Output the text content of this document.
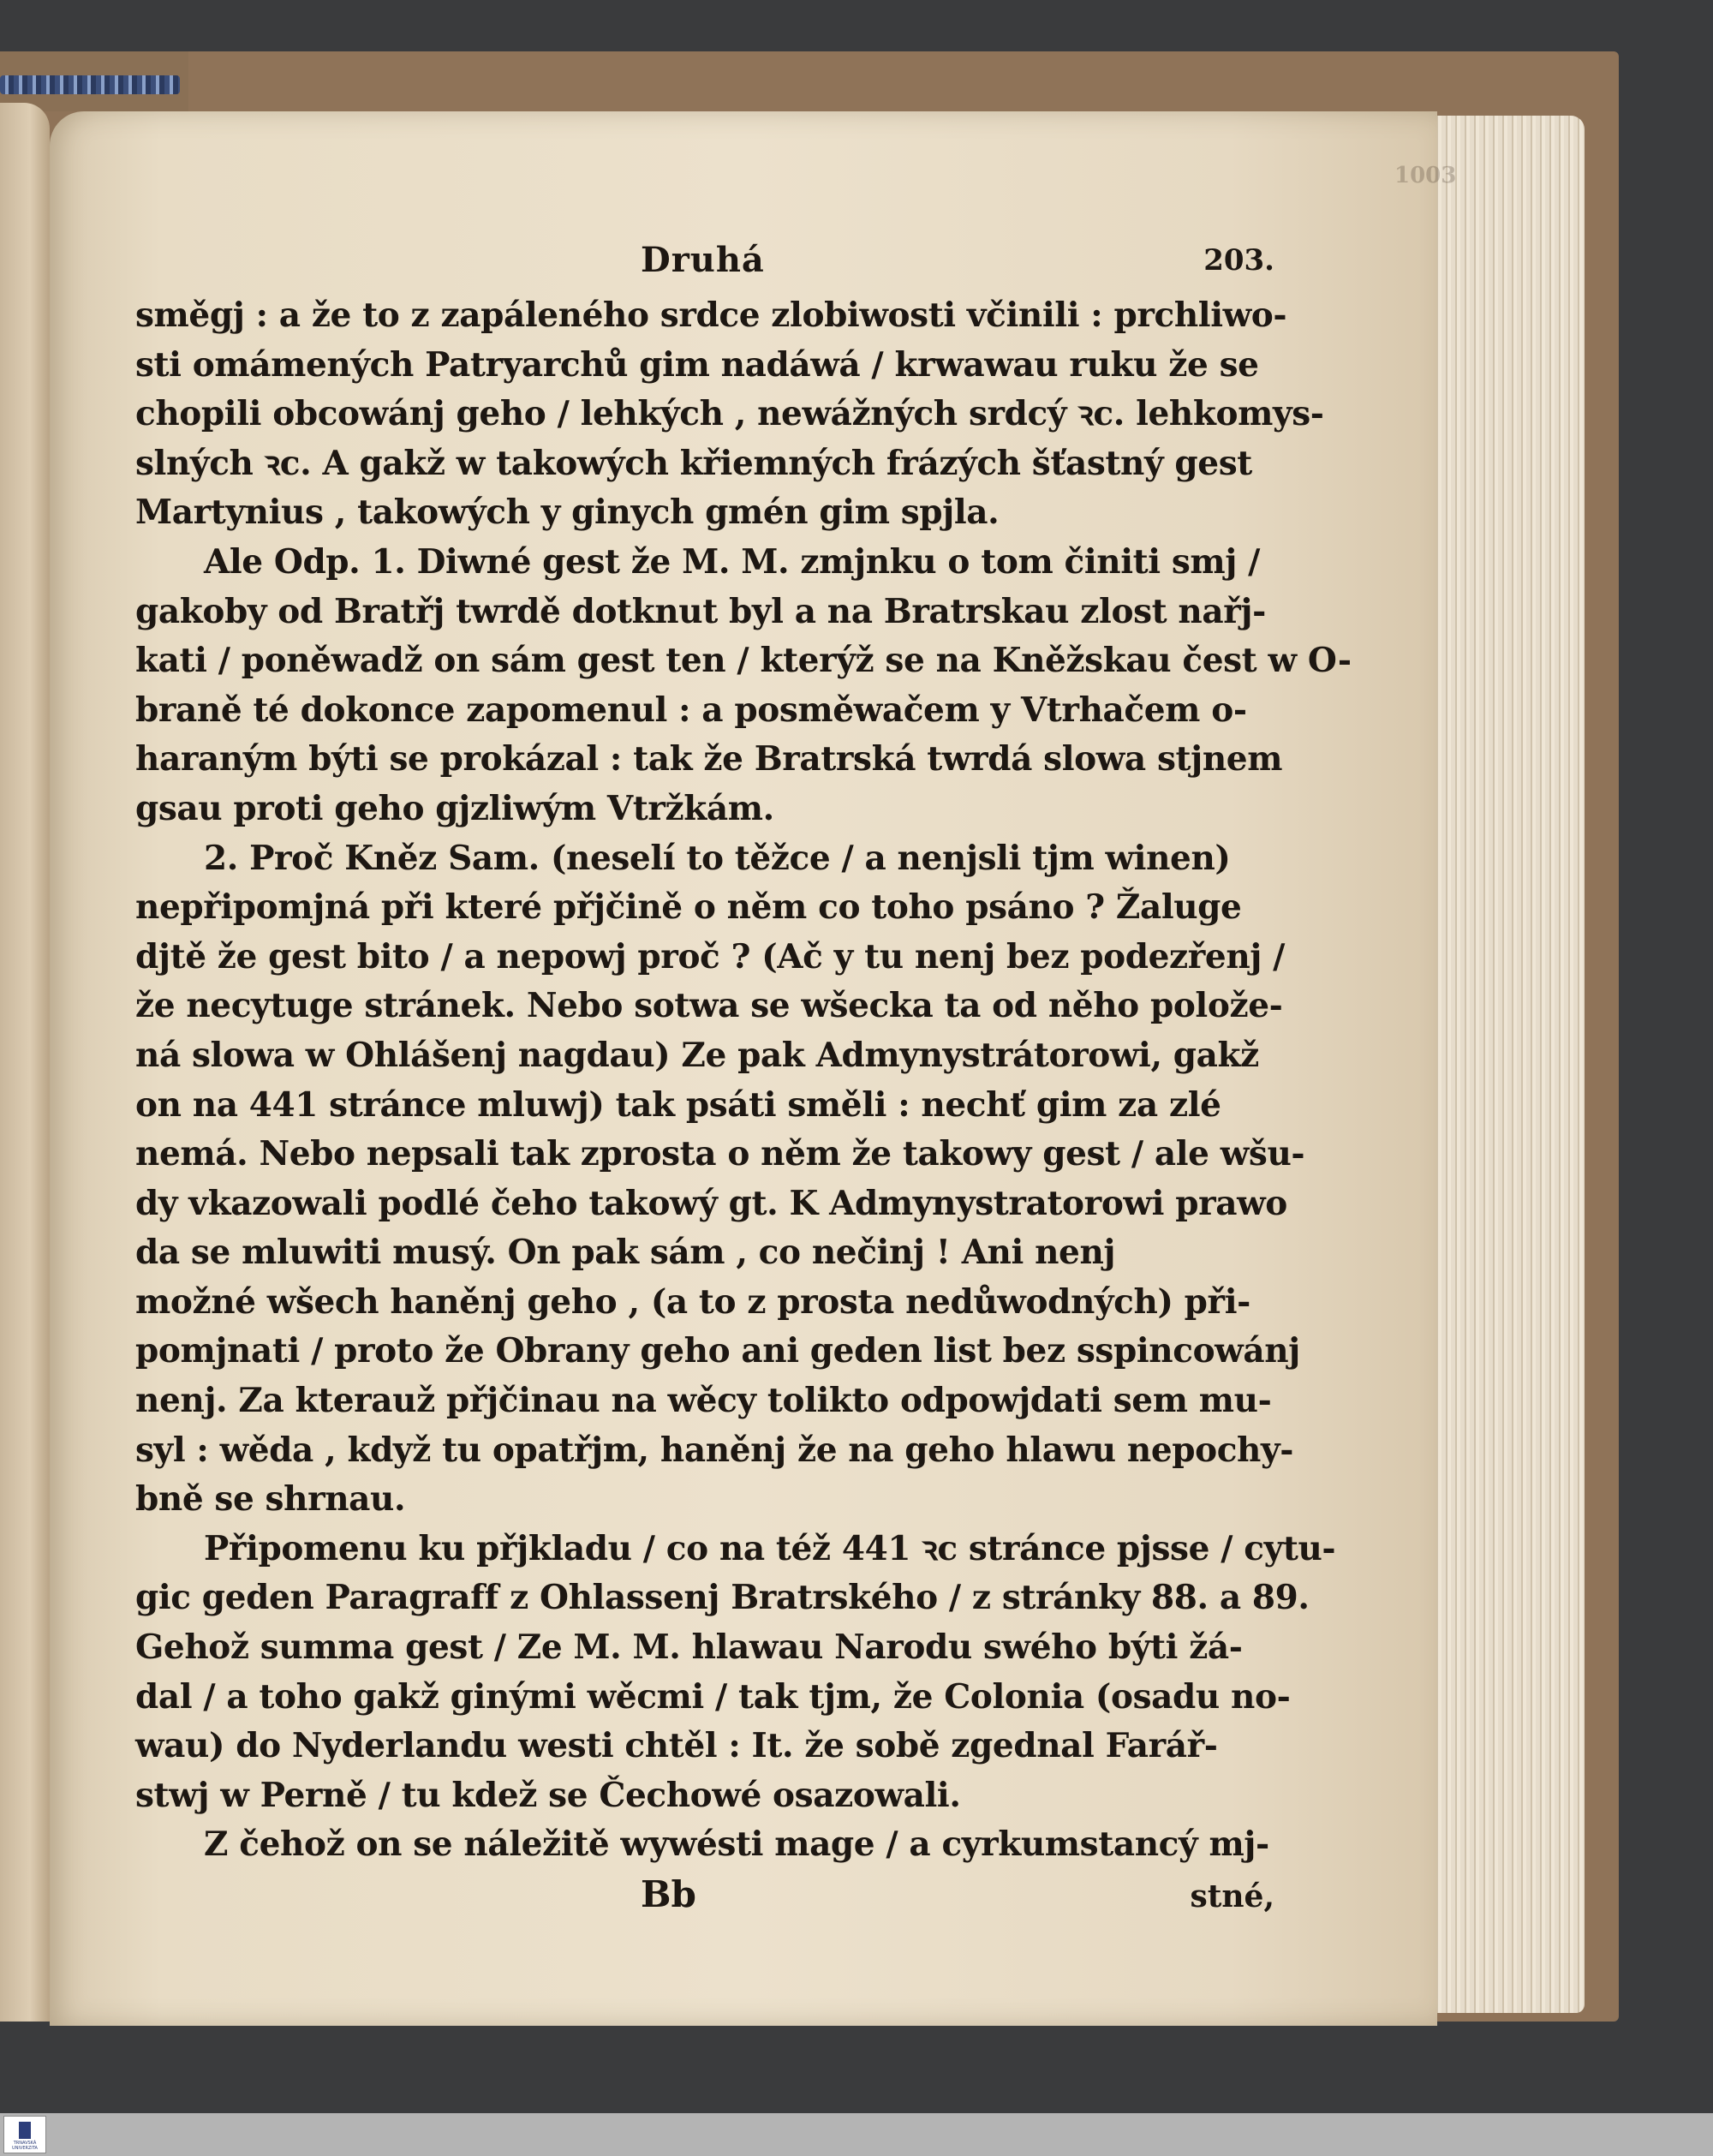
1003
Druhá	203.
směgj : a že to z zapáleného srdce zlobiwosti včinili : prchliwo-
sti omámených Patryarchů gim nadáwá / krwawau ruku že se
chopili obcowánj geho / lehkých , newážných srdcý ꝛc. lehkomys-
slných ꝛc. A gakž w takowých křiemných frázých šťastný gest
Martynius , takowých y ginych gmén gim spjla.
Ale Odp. 1. Diwné gest že M. M. zmjnku o tom činiti smj /
gakoby od Bratřj twrdě dotknut byl a na Bratrskau zlost nařj-
kati / poněwadž on sám gest ten / kterýž se na Kněžskau čest w O-
braně té dokonce zapomenul : a posměwačem y Vtrhačem o-
haraným býti se prokázal : tak že Bratrská twrdá slowa stjnem
gsau proti geho gjzliwým Vtržkám.
2. Proč Kněz Sam. (neselí to těžce / a nenjsli tjm winen)
nepřipomjná při které přjčině o něm co toho psáno ? Žaluge
djtě že gest bito / a nepowj proč ? (Ač y tu nenj bez podezřenj /
že necytuge stránek. Nebo sotwa se wšecka ta od něho polože-
ná slowa w Ohlášenj nagdau) Ze pak Admynystrátorowi, gakž
on na 441 stránce mluwj) tak psáti směli : nechť gim za zlé
nemá. Nebo nepsali tak zprosta o něm že takowy gest / ale wšu-
dy vkazowali podlé čeho takowý gt. K Admynystratorowi prawo
da se mluwiti musý. On pak sám , co nečinj ! Ani nenj
možné wšech haněnj geho , (a to z prosta nedůwodných) při-
pomjnati / proto že Obrany geho ani geden list bez sspincowánj
nenj. Za kterauž přjčinau na wěcy tolikto odpowjdati sem mu-
syl : wěda , když tu opatřjm, haněnj že na geho hlawu nepochy-
bně se shrnau.
Připomenu ku přjkladu / co na též 441 ꝛc stránce pjsse / cytu-
gic geden Paragraff z Ohlassenj Bratrského / z stránky 88. a 89.
Gehož summa gest / Ze M. M. hlawau Narodu swého býti žá-
dal / a toho gakž ginými wěcmi / tak tjm, že Colonia (osadu no-
wau) do Nyderlandu westi chtěl : It. že sobě zgednal Farář-
stwj w Perně / tu kdež se Čechowé osazowali.
Z čehož on se náležitě wywésti mage / a cyrkumstancý mj-
Bb	stné,
TRNAVSKÁ UNIVERZITA
